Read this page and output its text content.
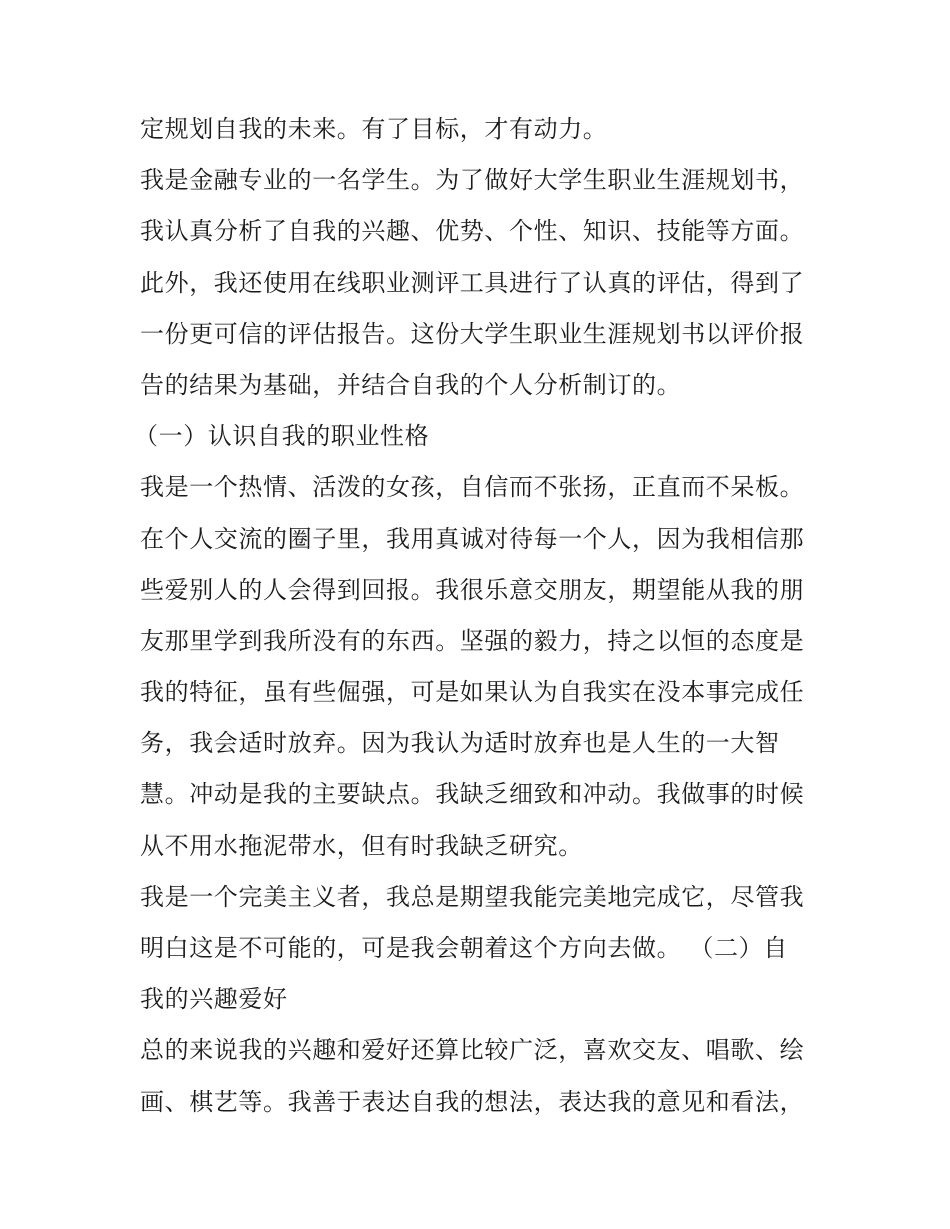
定规划自我的未来。有了目标，才有动力。
我是金融专业的一名学生。为了做好大学生职业生涯规划书，
我认真分析了自我的兴趣、优势、个性、知识、技能等方面。
此外，我还使用在线职业测评工具进行了认真的评估，得到了
一份更可信的评估报告。这份大学生职业生涯规划书以评价报
告的结果为基础，并结合自我的个人分析制订的。
（一）认识自我的职业性格
我是一个热情、活泼的女孩，自信而不张扬，正直而不呆板。
在个人交流的圈子里，我用真诚对待每一个人，因为我相信那
些爱别人的人会得到回报。我很乐意交朋友，期望能从我的朋
友那里学到我所没有的东西。坚强的毅力，持之以恒的态度是
我的特征，虽有些倔强，可是如果认为自我实在没本事完成任
务，我会适时放弃。因为我认为适时放弃也是人生的一大智
慧。冲动是我的主要缺点。我缺乏细致和冲动。我做事的时候
从不用水拖泥带水，但有时我缺乏研究。
我是一个完美主义者，我总是期望我能完美地完成它，尽管我
明白这是不可能的，可是我会朝着这个方向去做。 （二）自
我的兴趣爱好
总的来说我的兴趣和爱好还算比较广泛，喜欢交友、唱歌、绘
画、棋艺等。我善于表达自我的想法，表达我的意见和看法，
